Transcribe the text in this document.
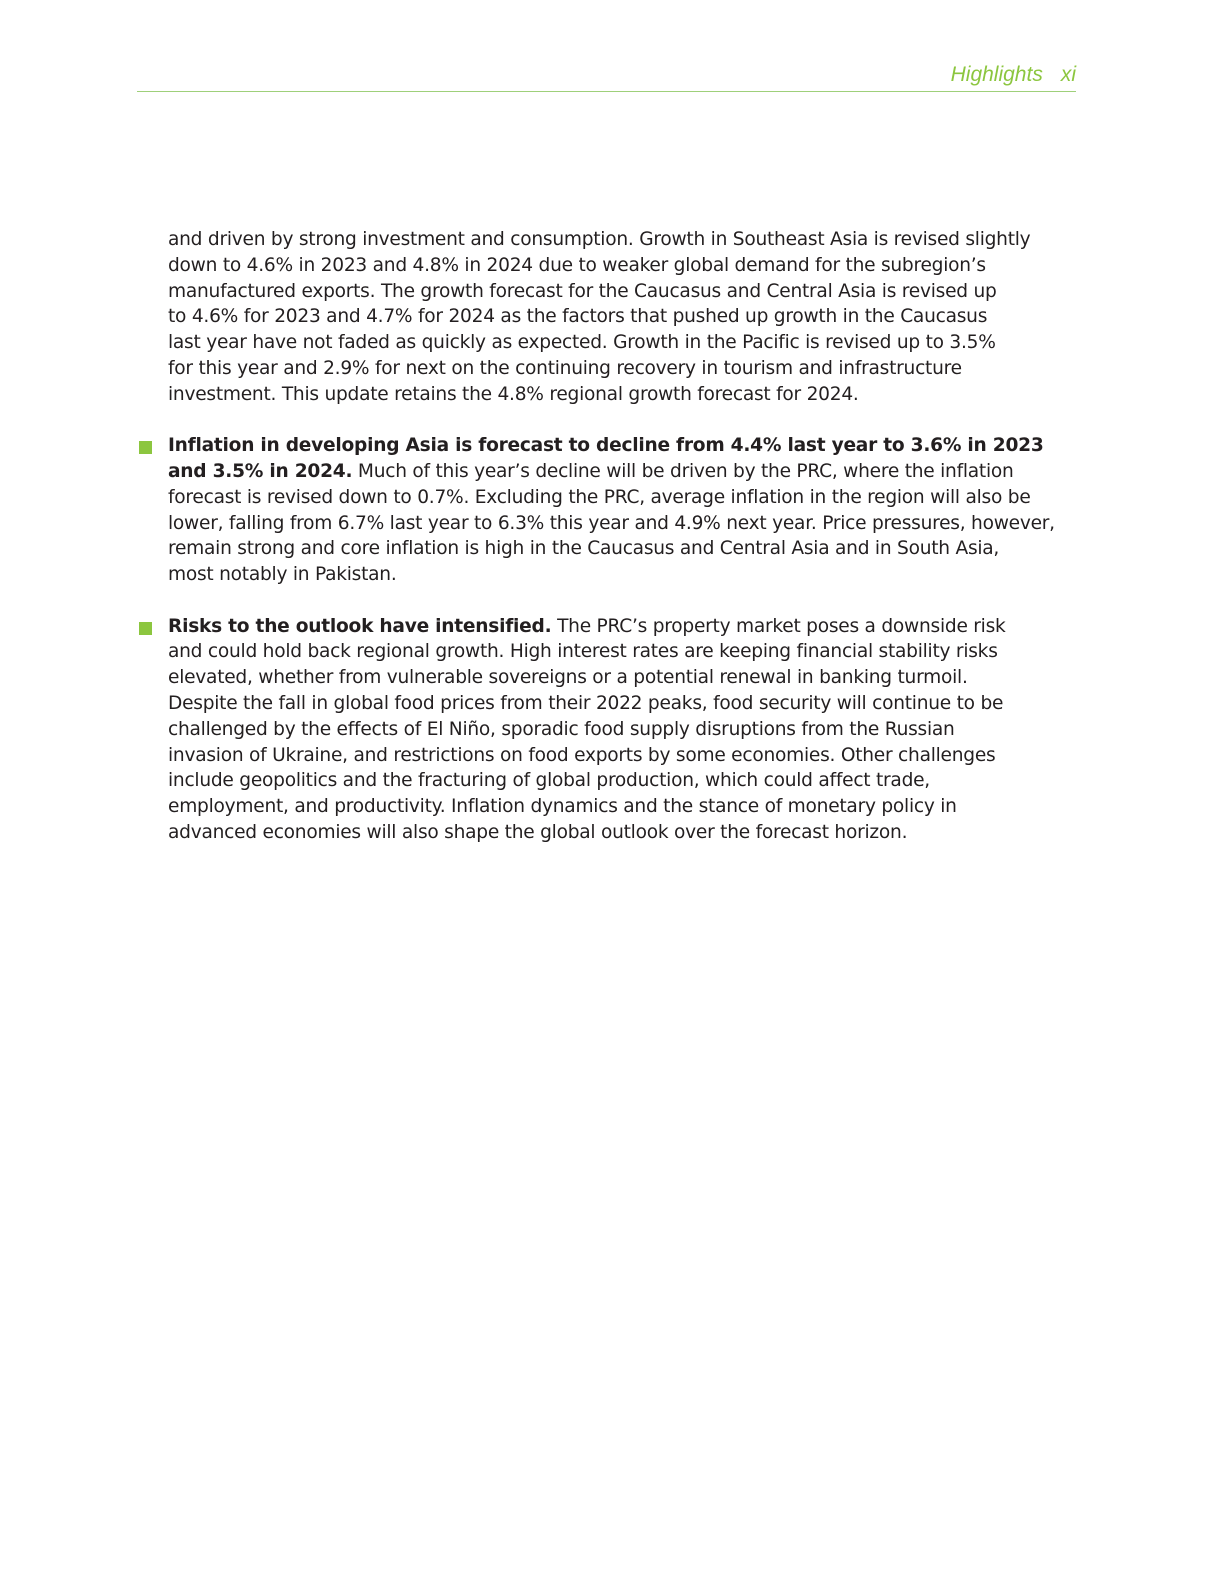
Highlights xi

and driven by strong investment and consumption. Growth in Southeast Asia is revised slightly
down to 4.6% in 2023 and 4.8% in 2024 due to weaker global demand for the subregion’s
manufactured exports. The growth forecast for the Caucasus and Central Asia is revised up
to 4.6% for 2023 and 4.7% for 2024 as the factors that pushed up growth in the Caucasus
last year have not faded as quickly as expected. Growth in the Pacific is revised up to 3.5%
for this year and 2.9% for next on the continuing recovery in tourism and infrastructure
investment. This update retains the 4.8% regional growth forecast for 2024.

Inflation in developing Asia is forecast to decline from 4.4% last year to 3.6% in 2023
and 3.5% in 2024. Much of this year’s decline will be driven by the PRC, where the inflation
forecast is revised down to 0.7%. Excluding the PRC, average inflation in the region will also be
lower, falling from 6.7% last year to 6.3% this year and 4.9% next year. Price pressures, however,
remain strong and core inflation is high in the Caucasus and Central Asia and in South Asia,
most notably in Pakistan.

Risks to the outlook have intensified. The PRC’s property market poses a downside risk
and could hold back regional growth. High interest rates are keeping financial stability risks
elevated, whether from vulnerable sovereigns or a potential renewal in banking turmoil.
Despite the fall in global food prices from their 2022 peaks, food security will continue to be
challenged by the effects of El Niño, sporadic food supply disruptions from the Russian
invasion of Ukraine, and restrictions on food exports by some economies. Other challenges
include geopolitics and the fracturing of global production, which could affect trade,
employment, and productivity. Inflation dynamics and the stance of monetary policy in
advanced economies will also shape the global outlook over the forecast horizon.
